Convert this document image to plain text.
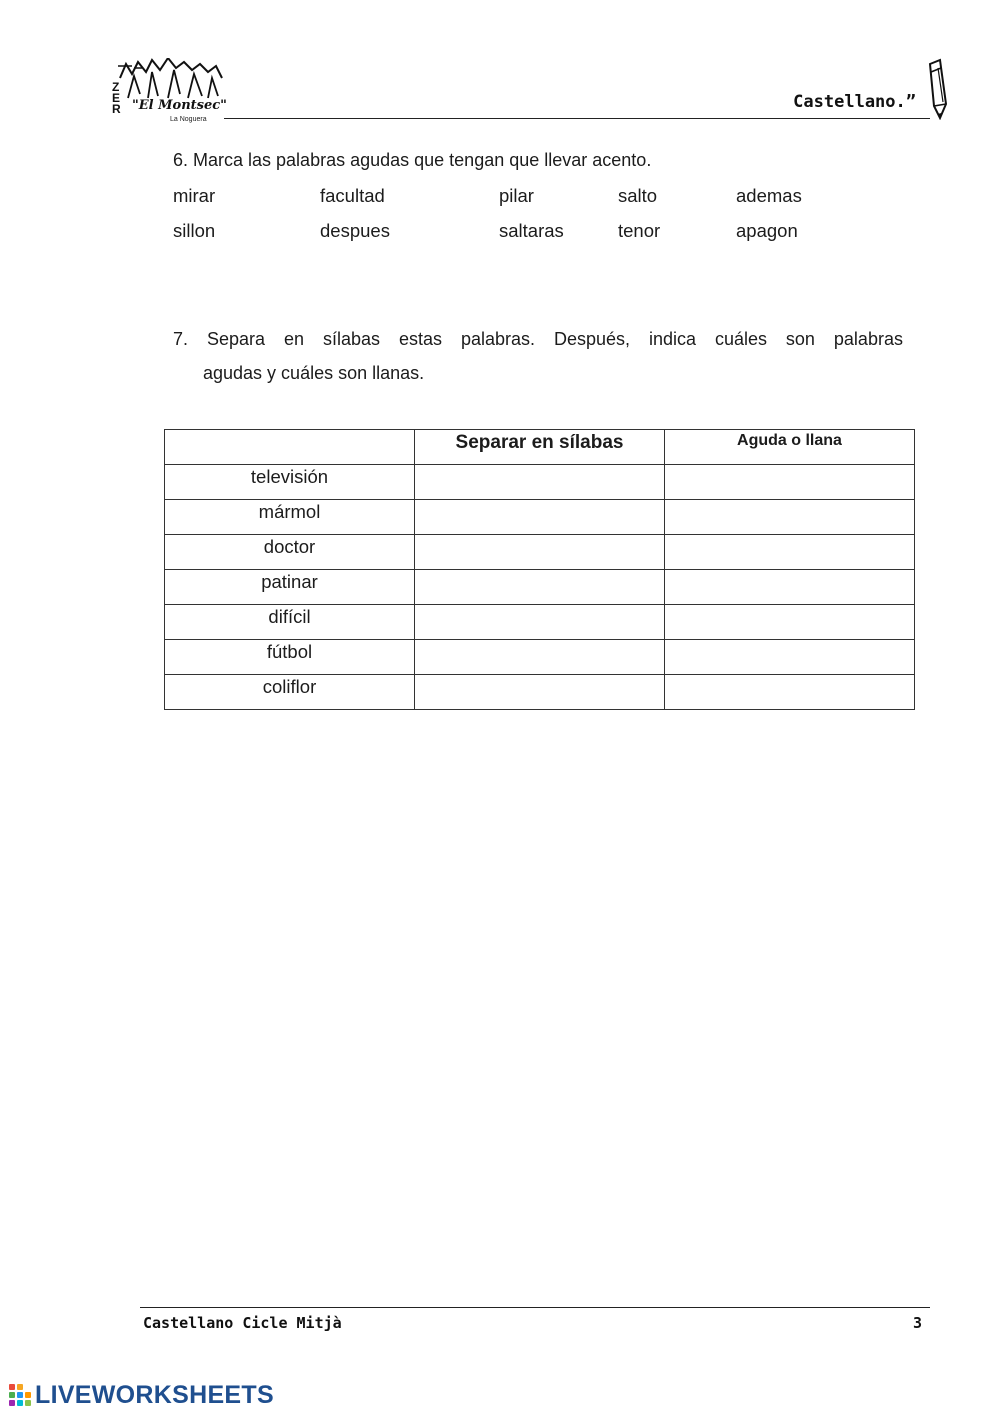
Z
E
R "El Montsec"
La Noguera
Castellano.”
6. Marca las palabras agudas que tengan que llevar acento.
mirar	facultad	pilar	salto	ademas
sillon	despues	saltaras	tenor	apagon
7. Separa en sílabas estas palabras. Después, indica cuáles son palabras
agudas y cuáles son llanas.

	Separar en sílabas	Aguda o llana

televisión		

mármol		

doctor		

patinar		

difícil		

fútbol		

coliflor		

Castellano Cicle Mitjà	3
LIVEWORKSHEETS
